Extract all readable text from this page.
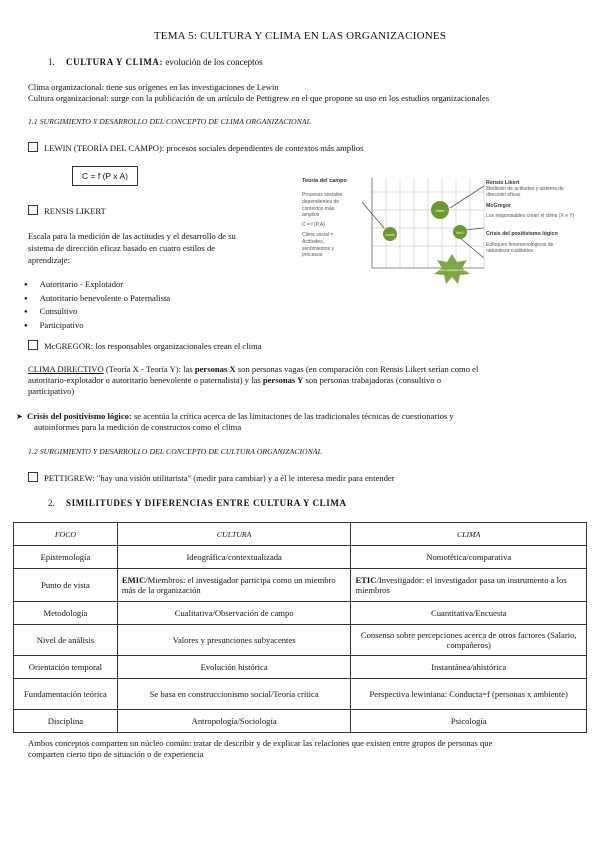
TEMA 5: CULTURA Y CLIMA EN LAS ORGANIZACIONES
1. CULTURA Y CLIMA: evolución de los conceptos
Clima organizacional: tiene sus orígenes en las investigaciones de Lewin
Cultura organizacional: surge con la publicación de un artículo de Pettigrew en el que propone su uso en los estudios organizacionales
1.1 SURGIMIENTO Y DESARROLLO DEL CONCEPTO DE CLIMA ORGANIZACIONAL
LEWIN (TEORÍA DEL CAMPO): procesos sociales dependientes de contextos más amplios
C = f (P x A)
RENSIS LIKERT
Escala para la medición de las actitudes y el desarrollo de su
sistema de dirección eficaz basado en cuatro estilos de
aprendizaje:
● Autoritario - Explotador
● Autoritario benevolente o Paternalista
● Consultivo
● Participativo
Lewin
Likert
McG
Clima organizacional
Teoría del campo
Procesos sociales
dependientes de
contextos más
amplios
C = f (P,A)
Clima social =
Actitudes,
sentimientos y
procesos
Rensis Likert
Medición de actitudes y sistema de
dirección eficaz
McGregor
Los responsables crean el clima (X e Y)
Crisis del positivismo lógico
Enfoques fenomenológicos de
naturaleza cualitativa
McGREGOR: los responsables organizacionales crean el clima
CLIMA DIRECTIVO (Teoría X - Teoría Y): las personas X son personas vagas (en comparación con Rensis Likert serían como el
autoritario-explotador o autoritario benevolente o paternalista) y las personas Y son personas trabajadoras (consultivo o
participativo)
➤ Crisis del positivismo lógico: se acentúa la crítica acerca de las limitaciones de las tradicionales técnicas de cuestionarios y
autoinformes para la medición de constructos como el clima
1.2 SURGIMIENTO Y DESARROLLO DEL CONCEPTO DE CULTURA ORGANIZACIONAL
PETTIGREW: "hay una visión utilitarista" (medir para cambiar) y a él le interesa medir para entender
2. SIMILITUDES Y DIFERENCIAS ENTRE CULTURA Y CLIMA
FOCO	CULTURA	CLIMA
Epistemología	Ideográfica/contextualizada	Nomotética/comparativa
Punto de vista	EMIC/Miembros: el investigador participa como un miembro más de la organización	ETIC/Investigador: el investigador pasa un instrumento a los miembros
Metodología	Cualitativa/Observación de campo	Cuantitativa/Encuesta
Nivel de análisis	Valores y presunciones subyacentes	Consenso sobre percepciones acerca de otros factores (Salario, compañeros)
Orientación temporal	Evolución histórica	Instantánea/ahistórica
Fundamentación teórica	Se basa en construccionismo social/Teoría crítica	Perspectiva lewiniana: Conducta=f (personas x ambiente)
Disciplina	Antropología/Sociología	Psicología
Ambos conceptos comparten un núcleo común: tratar de describir y de explicar las relaciones que existen entre grupos de personas que
comparten cierto tipo de situación o de experiencia
